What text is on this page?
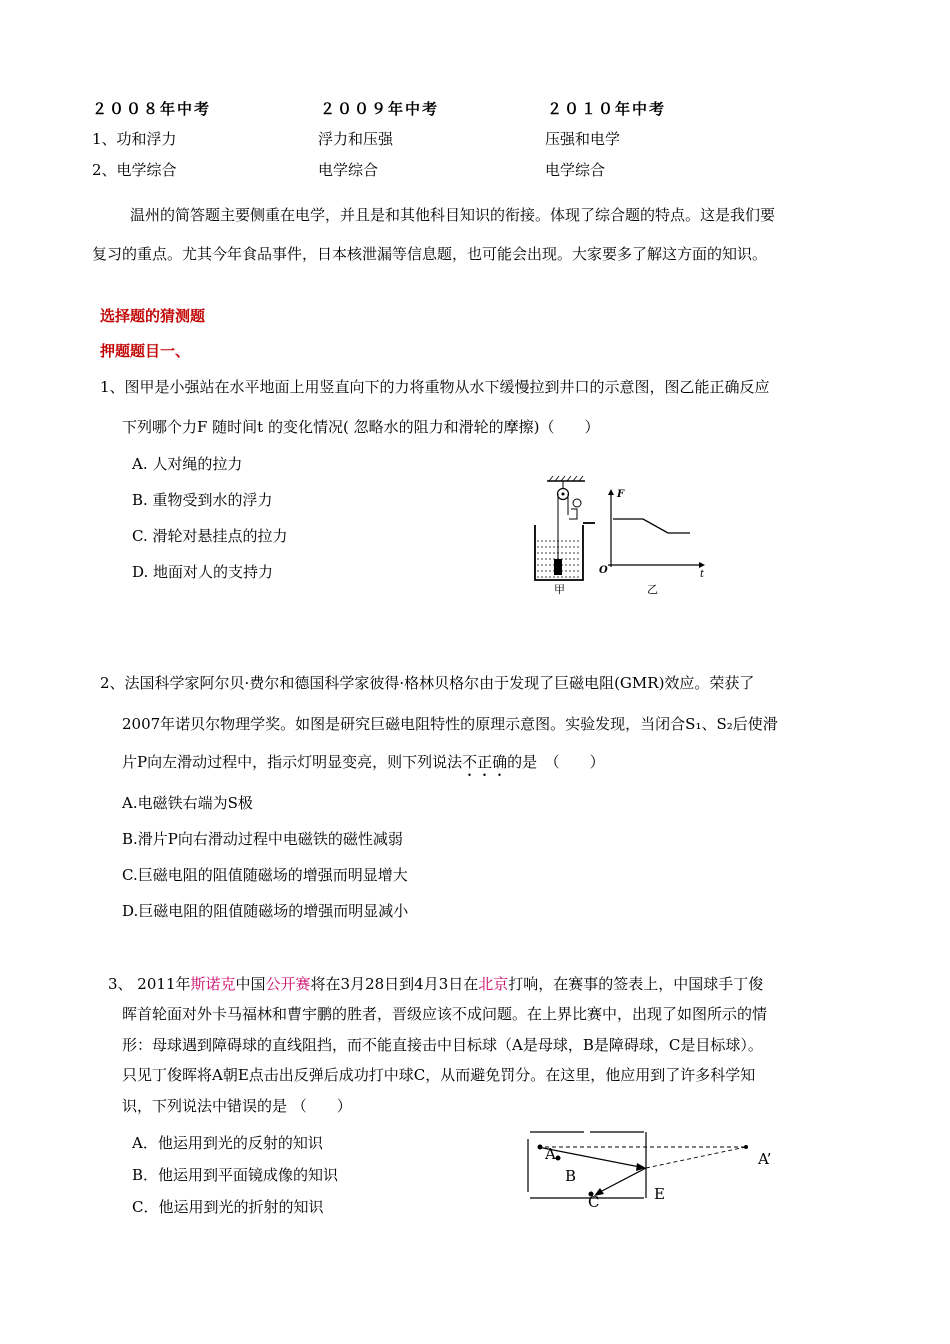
２００８年中考	２００９年中考	２０１０年中考
1、功和浮力	浮力和压强	压强和电学
2、电学综合	电学综合	电学综合
温州的简答题主要侧重在电学，并且是和其他科目知识的衔接。体现了综合题的特点。这是我们要
复习的重点。尤其今年食品事件，日本核泄漏等信息题，也可能会出现。大家要多了解这方面的知识。
选择题的猜测题
押题题目一、
1、图甲是小强站在水平地面上用竖直向下的力将重物从水下缓慢拉到井口的示意图，图乙能正确反应
下列哪个力F 随时间t 的变化情况( 忽略水的阻力和滑轮的摩擦)（　　）
A. 人对绳的拉力
B. 重物受到水的浮力
C. 滑轮对悬挂点的拉力
D. 地面对人的支持力
F
t
O
甲	乙
2、法国科学家阿尔贝·费尔和德国科学家彼得·格林贝格尔由于发现了巨磁电阻(GMR)效应。荣获了
2007年诺贝尔物理学奖。如图是研究巨磁电阻特性的原理示意图。实验发现，当闭合S₁、S₂后使滑
片P向左滑动过程中，指示灯明显变亮，则下列说法不正确的是　（　　）
A.电磁铁右端为S极
B.滑片P向右滑动过程中电磁铁的磁性减弱
C.巨磁电阻的阻值随磁场的增强而明显增大
D.巨磁电阻的阻值随磁场的增强而明显减小
3、 2011年斯诺克中国公开赛将在3月28日到4月3日在北京打响，在赛事的签表上，中国球手丁俊
晖首轮面对外卡马福林和曹宇鹏的胜者，晋级应该不成问题。在上界比赛中，出现了如图所示的情
形：母球遇到障碍球的直线阻挡，而不能直接击中目标球（A是母球，B是障碍球，C是目标球）。
只见丁俊晖将A朝E点击出反弹后成功打中球C，从而避免罚分。在这里，他应用到了许多科学知
识，下列说法中错误的是 （　　）
A．他运用到光的反射的知识
B．他运用到平面镜成像的知识
C．他运用到光的折射的知识
A
B
C	E
A’
